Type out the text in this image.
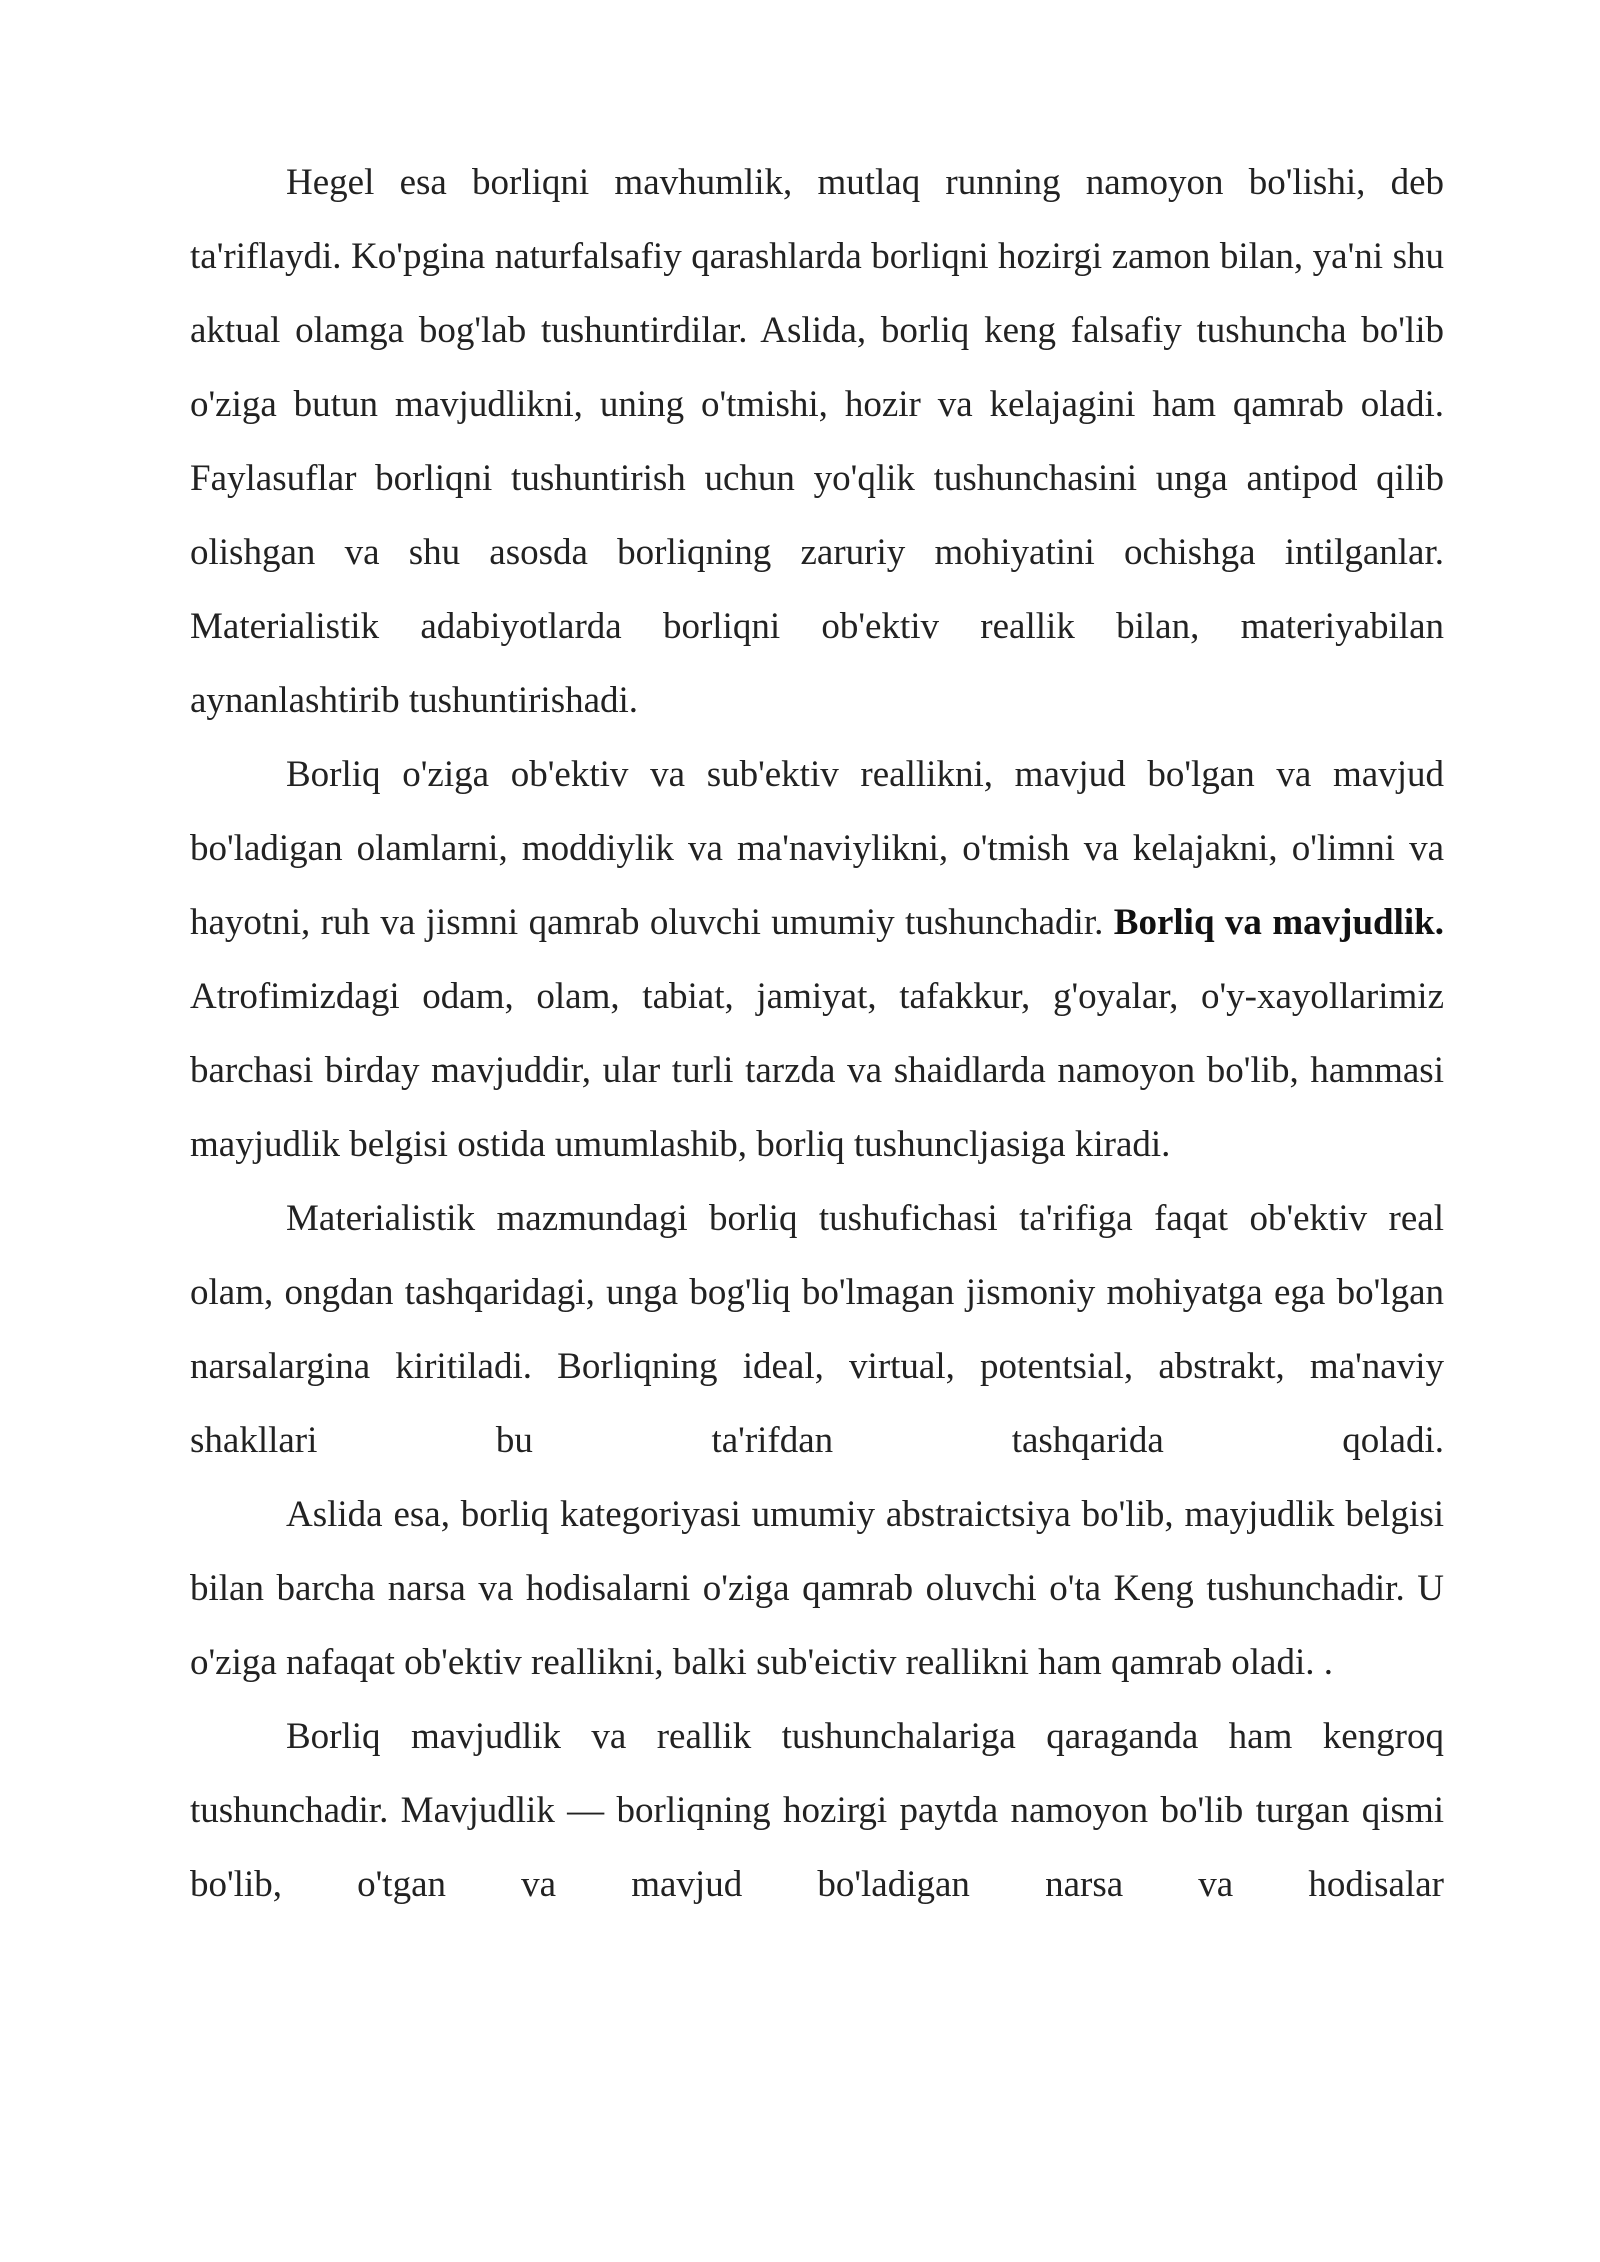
Hegel esa borliqni mavhumlik, mutlaq running namoyon bo'lishi, deb ta'riflaydi. Ko'pgina naturfalsafiy qarashlarda borliqni hozirgi zamon bilan, ya'ni shu aktual olamga bog'lab tushuntirdilar. Aslida, borliq keng falsafiy tushuncha bo'lib o'ziga butun mavjudlikni, uning o'tmishi, hozir va kelajagini ham qamrab oladi. Faylasuflar borliqni tushuntirish uchun yo'qlik tushunchasini unga antipod qilib olishgan va shu asosda borliqning zaruriy mohiyatini ochishga intilganlar. Materialistik adabiyotlarda borliqni ob'ektiv reallik bilan, materiyabilan aynanlashtirib tushuntirishadi.

Borliq o'ziga ob'ektiv va sub'ektiv reallikni, mavjud bo'lgan va mavjud bo'ladigan olamlarni, moddiylik va ma'naviylikni, o'tmish va kelajakni, o'limni va hayotni, ruh va jismni qamrab oluvchi umumiy tushunchadir. Borliq va mavjudlik. Atrofimizdagi odam, olam, tabiat, jamiyat, tafakkur, g'oyalar, o'y-xayollarimiz barchasi birday mavjuddir, ular turli tarzda va shaidlarda namoyon bo'lib, hammasi mayjudlik belgisi ostida umumlashib, borliq tushuncljasiga kiradi.

Materialistik mazmundagi borliq tushufichasi ta'rifiga faqat ob'ektiv real olam, ongdan tashqaridagi, unga bog'liq bo'lmagan jismoniy mohiyatga ega bo'lgan narsalargina kiritiladi. Borliqning ideal, virtual, potentsial, abstrakt, ma'naviy shakllari bu ta'rifdan tashqarida qoladi.

Aslida esa, borliq kategoriyasi umumiy abstraictsiya bo'lib, mayjudlik belgisi bilan barcha narsa va hodisalarni o'ziga qamrab oluvchi o'ta Keng tushunchadir. U o'ziga nafaqat ob'ektiv reallikni, balki sub'eictiv reallikni ham qamrab oladi. .

Borliq mavjudlik va reallik tushunchalariga qaraganda ham kengroq tushunchadir. Mavjudlik — borliqning hozirgi paytda namoyon bo'lib turgan qismi bo'lib, o'tgan va mavjud bo'ladigan narsa va hodisalar
